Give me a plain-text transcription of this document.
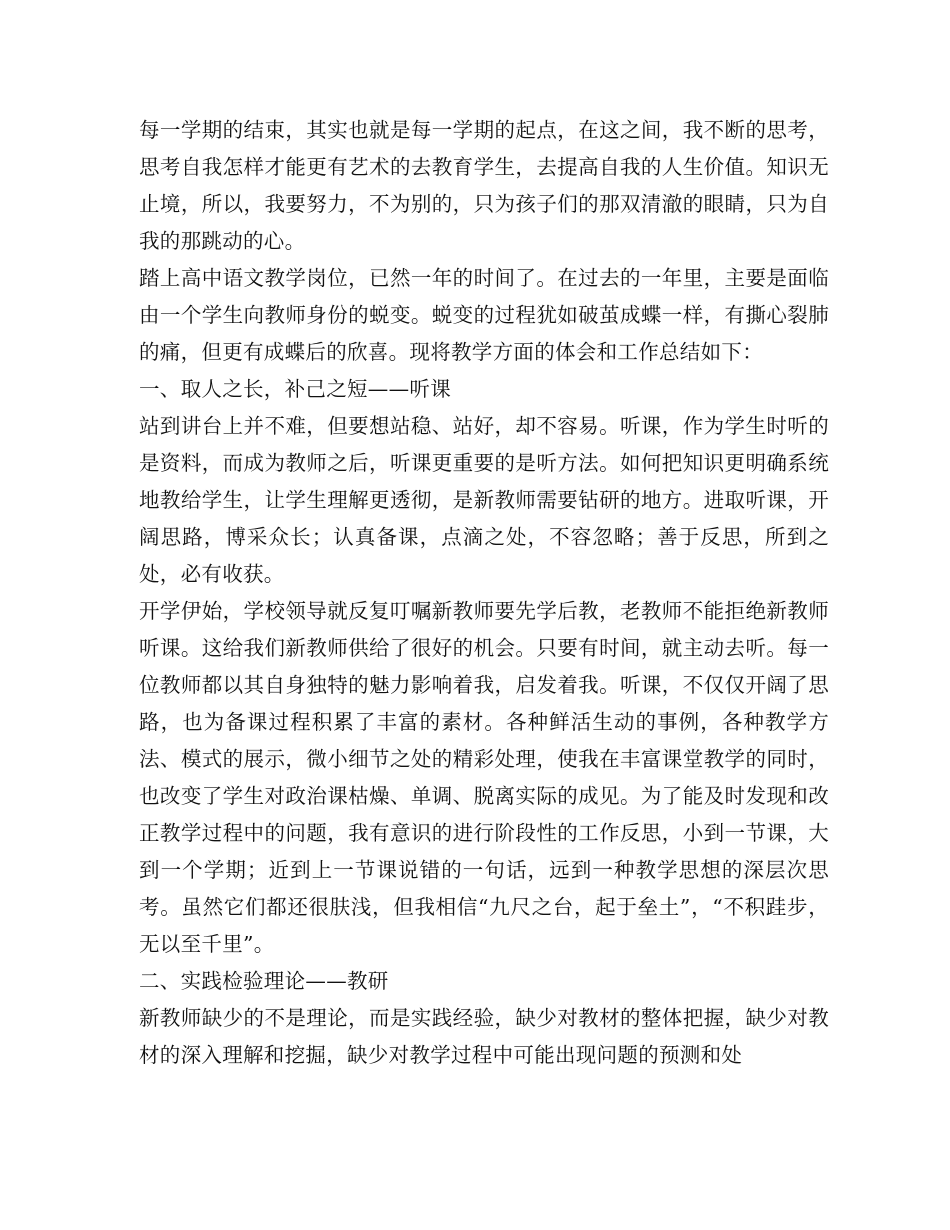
每一学期的结束，其实也就是每一学期的起点，在这之间，我不断的思考，思考自我怎样才能更有艺术的去教育学生，去提高自我的人生价值。知识无止境，所以，我要努力，不为别的，只为孩子们的那双清澈的眼睛，只为自我的那跳动的心。

踏上高中语文教学岗位，已然一年的时间了。在过去的一年里，主要是面临由一个学生向教师身份的蜕变。蜕变的过程犹如破茧成蝶一样，有撕心裂肺的痛，但更有成蝶后的欣喜。现将教学方面的体会和工作总结如下：

一、取人之长，补己之短——听课

站到讲台上并不难，但要想站稳、站好，却不容易。听课，作为学生时听的是资料，而成为教师之后，听课更重要的是听方法。如何把知识更明确系统地教给学生，让学生理解更透彻，是新教师需要钻研的地方。进取听课，开阔思路，博采众长；认真备课，点滴之处，不容忽略；善于反思，所到之处，必有收获。

开学伊始，学校领导就反复叮嘱新教师要先学后教，老教师不能拒绝新教师听课。这给我们新教师供给了很好的机会。只要有时间，就主动去听。每一位教师都以其自身独特的魅力影响着我，启发着我。听课，不仅仅开阔了思路，也为备课过程积累了丰富的素材。各种鲜活生动的事例，各种教学方法、模式的展示，微小细节之处的精彩处理，使我在丰富课堂教学的同时，也改变了学生对政治课枯燥、单调、脱离实际的成见。为了能及时发现和改正教学过程中的问题，我有意识的进行阶段性的工作反思，小到一节课，大到一个学期；近到上一节课说错的一句话，远到一种教学思想的深层次思考。虽然它们都还很肤浅，但我相信“九尺之台，起于垒土”，“不积跬步，无以至千里”。

二、实践检验理论——教研

新教师缺少的不是理论，而是实践经验，缺少对教材的整体把握，缺少对教材的深入理解和挖掘，缺少对教学过程中可能出现问题的预测和处
